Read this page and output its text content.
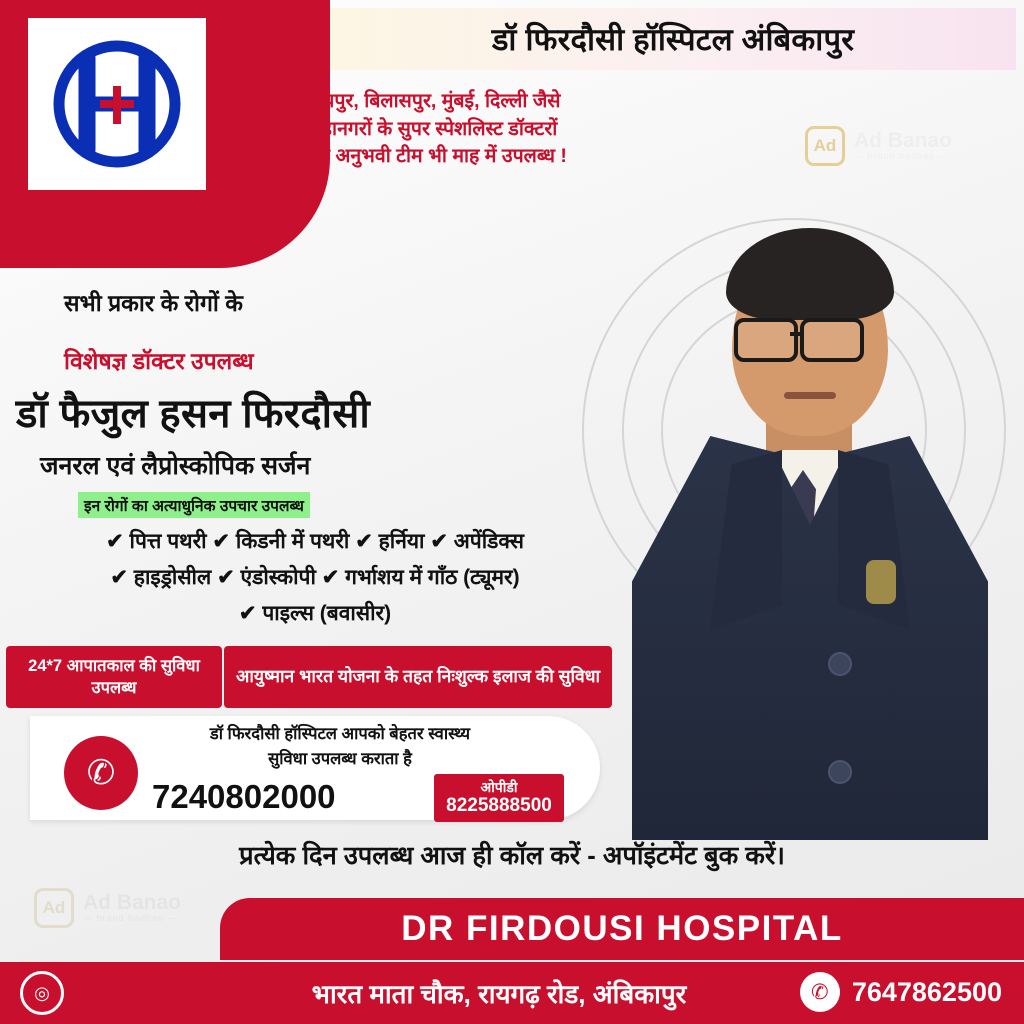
डॉ फिरदौसी हॉस्पिटल अंबिकापुर
रायपुर, बिलासपुर, मुंबई, दिल्ली जैसे
महानगरों के सुपर स्पेशलिस्ट डॉक्टरों
की अनुभवी टीम भी माह में उपलब्ध !	Ad Ad Banao
— brand badhao —
सभी प्रकार के रोगों के
विशेषज्ञ डॉक्टर उपलब्ध
डॉ फैजुल हसन फिरदौसी
जनरल एवं लैप्रोस्कोपिक सर्जन
इन रोगों का अत्याधुनिक उपचार उपलब्ध
✔ पित्त पथरी ✔ किडनी में पथरी ✔ हर्निया ✔ अपेंडिक्स
✔ हाइड्रोसील ✔ एंडोस्कोपी ✔ गर्भाशय में गाँठ (ट्यूमर)
✔ पाइल्स (बवासीर)
24*7 आपातकाल की सुविधा उपलब्ध
आयुष्मान भारत योजना के तहत निःशुल्क इलाज की सुविधा
डॉ फिरदौसी हॉस्पिटल आपको बेहतर स्वास्थ्य
सुविधा उपलब्ध कराता है
✆
7240802000	ओपीडी
8225888500
प्रत्येक दिन उपलब्ध आज ही कॉल करें - अपॉइंटमेंट बुक करें।
Ad Ad Banao
— brand badhao —	DR FIRDOUSI HOSPITAL
◎	भारत माता चौक, रायगढ़ रोड, अंबिकापुर	✆ 7647862500
